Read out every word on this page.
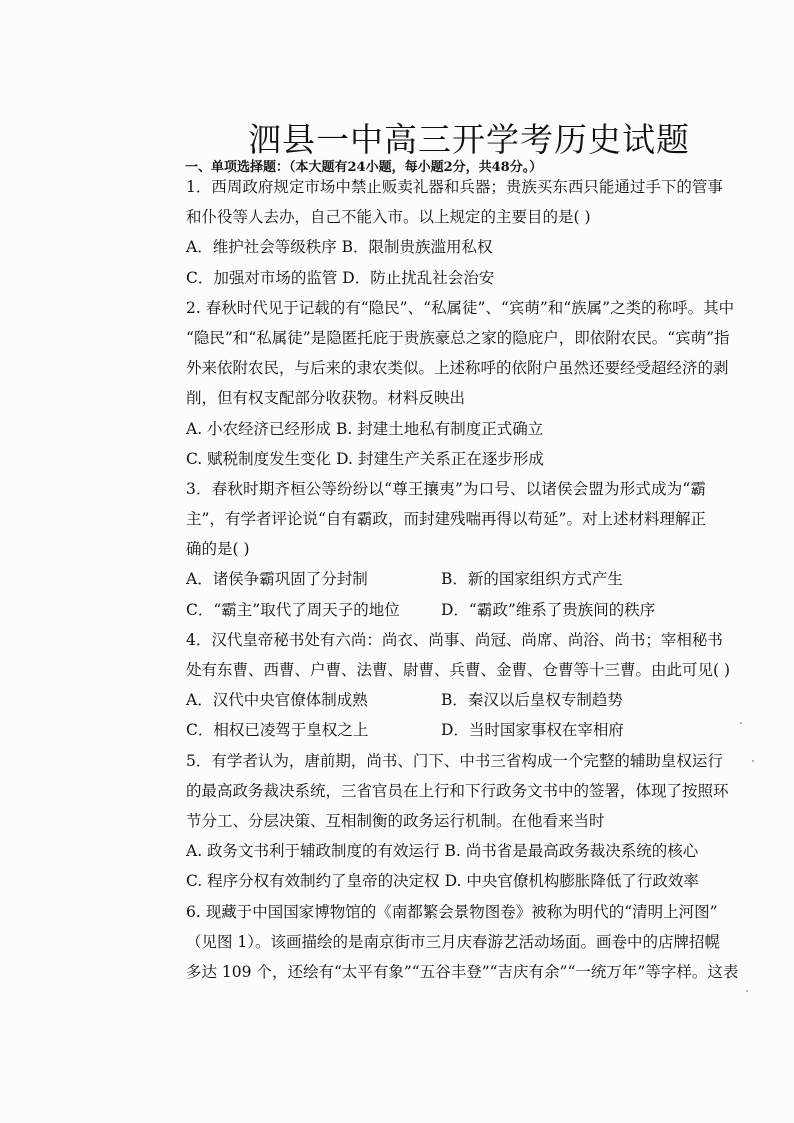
泗县一中高三开学考历史试题
一、单项选择题：（本大题有24小题，每小题2分，共48分。）
1．西周政府规定市场中禁止贩卖礼器和兵器；贵族买东西只能通过手下的管事
和仆役等人去办，自己不能入市。以上规定的主要目的是( )
A．维护社会等级秩序 B．限制贵族滥用私权
C．加强对市场的监管 D．防止扰乱社会治安
2. 春秋时代见于记载的有“隐民”、“私属徒”、“宾萌”和“族属”之类的称呼。其中
“隐民”和“私属徒”是隐匿托庇于贵族豪总之家的隐庇户，即依附农民。“宾萌”指
外来依附农民，与后来的隶农类似。上述称呼的依附户虽然还要经受超经济的剥
削，但有权支配部分收获物。材料反映出
A. 小农经济已经形成 B. 封建土地私有制度正式确立
C. 赋税制度发生变化 D. 封建生产关系正在逐步形成
3．春秋时期齐桓公等纷纷以“尊王攘夷”为口号、以诸侯会盟为形式成为“霸
主”，有学者评论说“自有霸政，而封建残喘再得以苟延”。对上述材料理解正
确的是( )
A．诸侯争霸巩固了分封制	B．新的国家组织方式产生
C．“霸主”取代了周天子的地位	D．“霸政”维系了贵族间的秩序
4．汉代皇帝秘书处有六尚：尚衣、尚事、尚冠、尚席、尚浴、尚书；宰相秘书
处有东曹、西曹、户曹、法曹、尉曹、兵曹、金曹、仓曹等十三曹。由此可见( )
A．汉代中央官僚体制成熟	B．秦汉以后皇权专制趋势
C．相权已凌驾于皇权之上	D．当时国家事权在宰相府
5．有学者认为，唐前期，尚书、门下、中书三省构成一个完整的辅助皇权运行
的最高政务裁决系统，三省官员在上行和下行政务文书中的签署，体现了按照环
节分工、分层决策、互相制衡的政务运行机制。在他看来当时
A. 政务文书利于辅政制度的有效运行 B. 尚书省是最高政务裁决系统的核心
C. 程序分权有效制约了皇帝的决定权 D. 中央官僚机构膨胀降低了行政效率
6. 现藏于中国国家博物馆的《南都繁会景物图卷》被称为明代的“清明上河图”
（见图 1）。该画描绘的是南京街市三月庆春游艺活动场面。画卷中的店牌招幌
多达 109 个，还绘有“太平有象”“五谷丰登”“吉庆有余”“一统万年”等字样。这表
